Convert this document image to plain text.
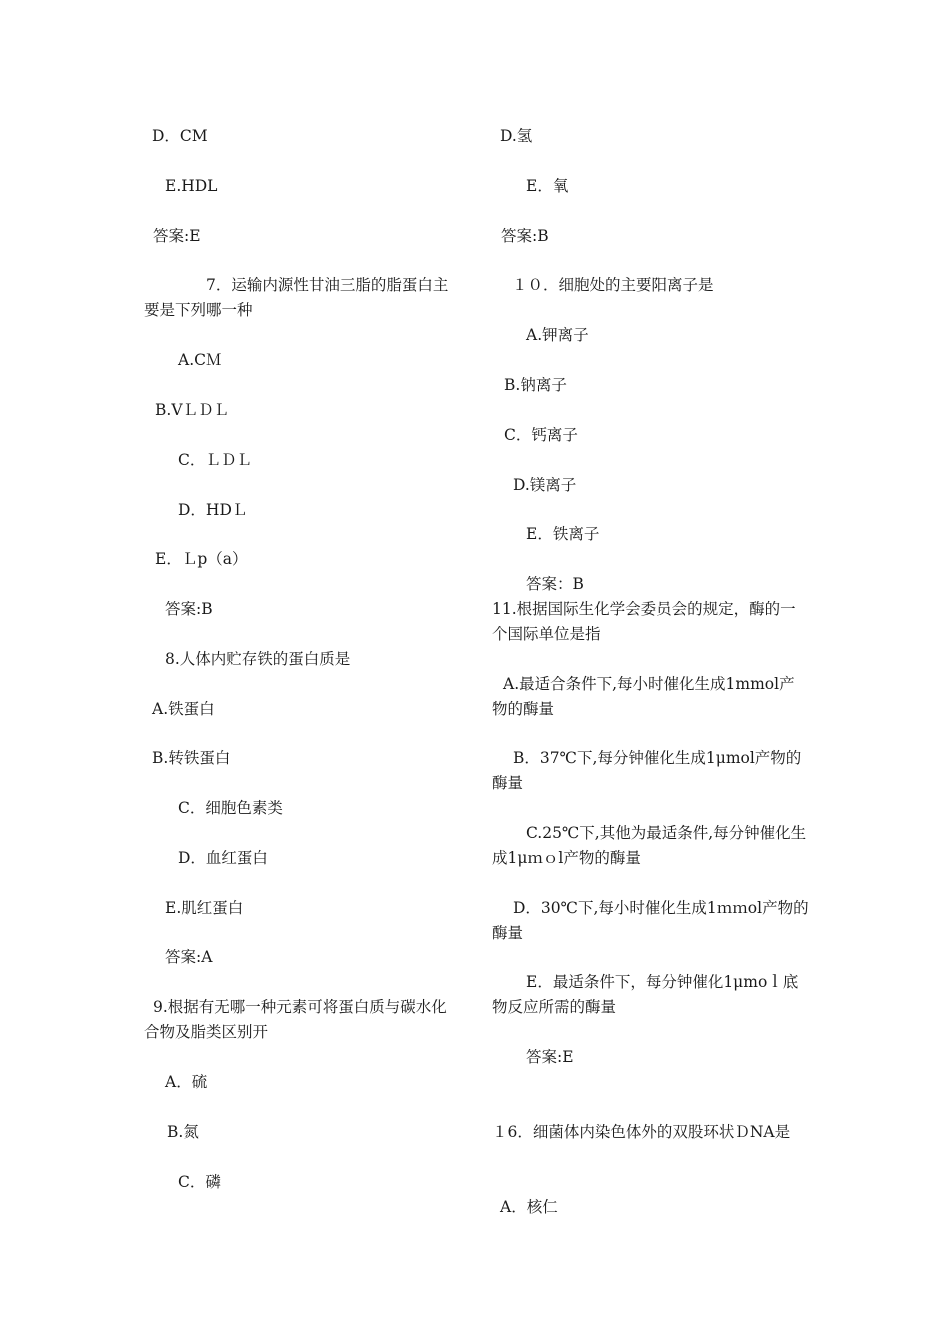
D．CM
E.HDL
答案:E
7．运输内源性甘油三脂的脂蛋白主要是下列哪一种
A.CＭ
B.VＬＤＬ
C．ＬＤＬ
D．HDＬ
E．Ｌp（a）
答案:B
8.人体内贮存铁的蛋白质是
A.铁蛋白
B.转铁蛋白
C．细胞色素类
D．血红蛋白
E.肌红蛋白
答案:A
9.根据有无哪一种元素可将蛋白质与碳水化合物及脂类区别开
A．硫
B.氮
C．磷
D.氢
E．氧
答案:B
１０．细胞处的主要阳离子是
A.钾离子
B.钠离子
C．钙离子
D.镁离子
E．铁离子
答案：B
11.根据国际生化学会委员会的规定，酶的一个国际单位是指
A.最适合条件下,每小时催化生成1mmol产物的酶量
B．37℃下,每分钟催化生成1μmol产物的酶量
C.25℃下,其他为最适条件,每分钟催化生成1μｍｏl产物的酶量
D．30℃下,每小时催化生成1ｍｍol产物的酶量
E．最适条件下，每分钟催化1μmoｌ底物反应所需的酶量
答案:E
１6．细菌体内染色体外的双股环状ＤNA是
A．核仁
